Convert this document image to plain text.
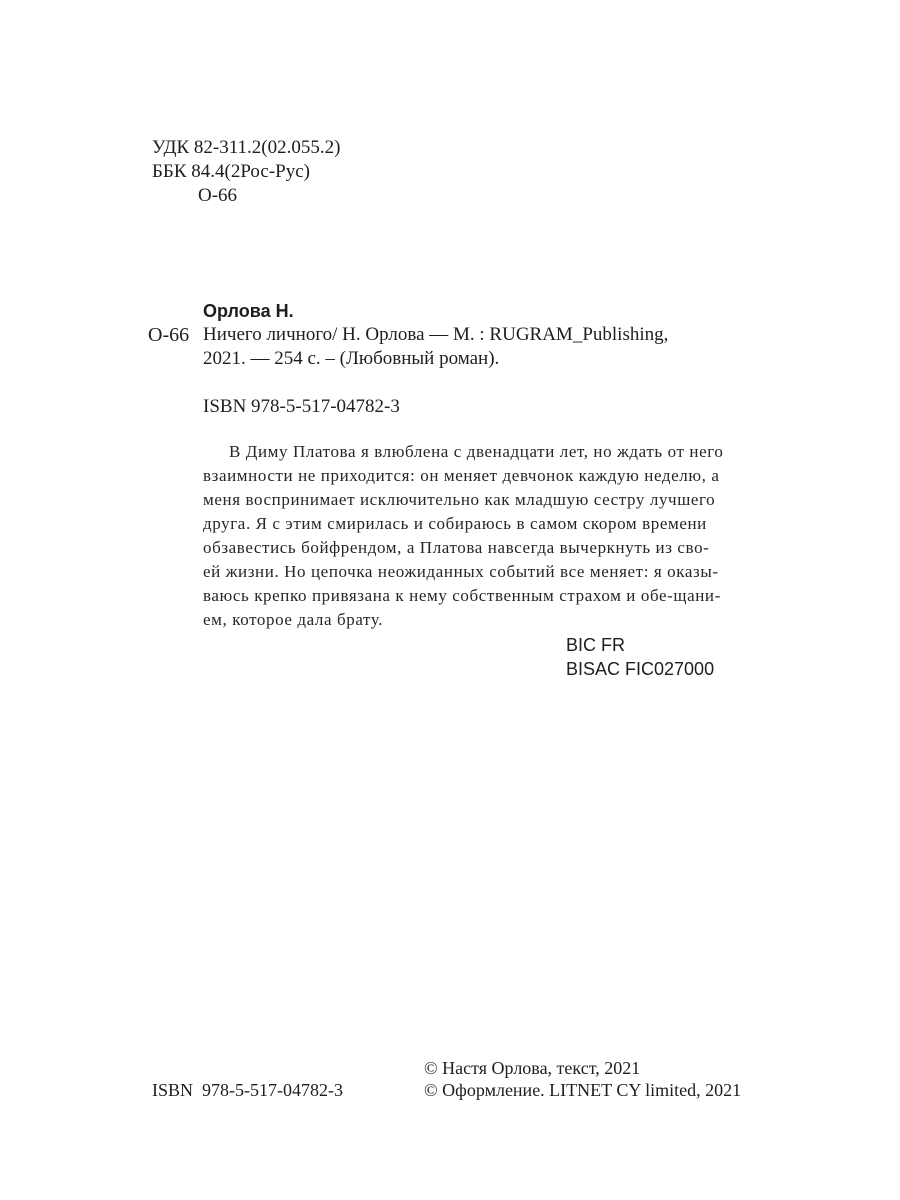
УДК 82-311.2(02.055.2)
ББК 84.4(2Рос-Рус)
О-66
Орлова Н.
О-66 Ничего личного/ Н. Орлова — М. : RUGRAM_Publishing,
2021. — 254 с. – (Любовный роман).
ISBN 978-5-517-04782-3
В Диму Платова я влюблена с двенадцати лет, но ждать от него
взаимности не приходится: он меняет девчонок каждую неделю, а
меня воспринимает исключительно как младшую сестру лучшего
друга. Я с этим смирилась и собираюсь в самом скором времени
обзавестись бойфрендом, а Платова навсегда вычеркнуть из сво-
ей жизни. Но цепочка неожиданных событий все меняет: я оказы-
ваюсь крепко привязана к нему собственным страхом и обе-щани-
ем, которое дала брату.
BIC FR
BISAC FIC027000
© Настя Орлова, текст, 2021
ISBN  978-5-517-04782-3	© Оформление. LITNET CY limited, 2021
